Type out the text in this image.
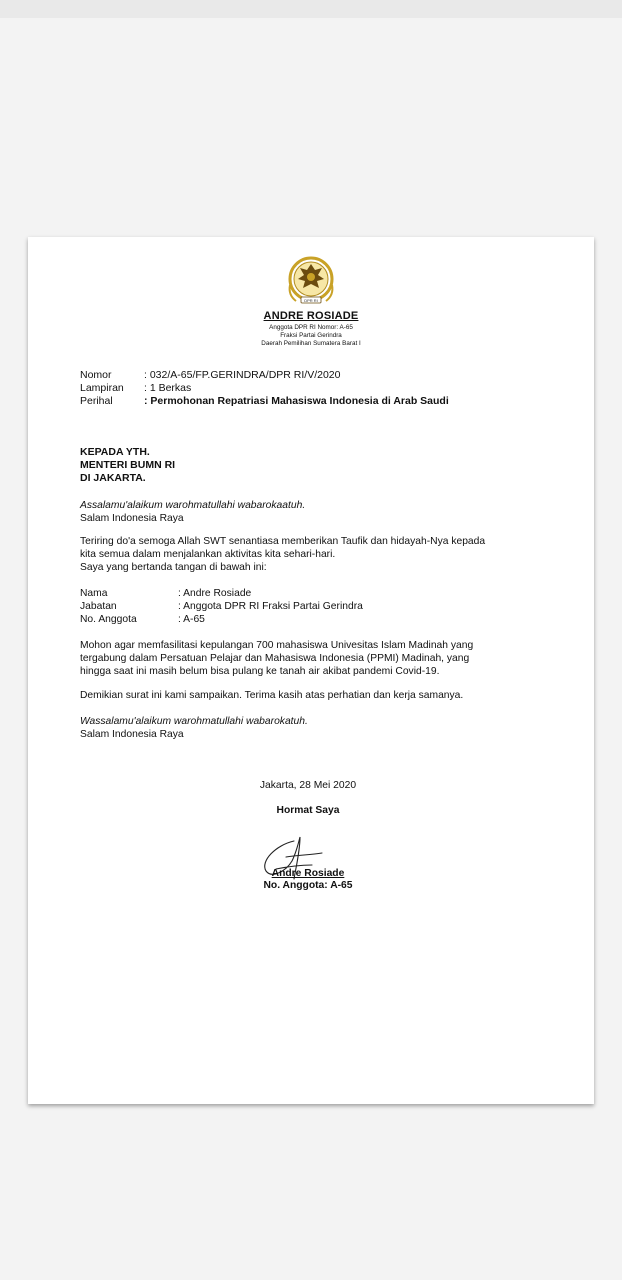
DPR RI
ANDRE ROSIADE
Anggota DPR RI Nomor: A-65
Fraksi Partai Gerindra
Daerah Pemilihan Sumatera Barat I
Nomor	: 032/A-65/FP.GERINDRA/DPR RI/V/2020
Lampiran : 1 Berkas
Perihal	: Permohonan Repatriasi Mahasiswa Indonesia di Arab Saudi
KEPADA YTH.
MENTERI BUMN RI
DI JAKARTA.
Assalamu'alaikum warohmatullahi wabarokaatuh.
Salam Indonesia Raya
Teriring do'a semoga Allah SWT senantiasa memberikan Taufik dan hidayah-Nya kepada
kita semua dalam menjalankan aktivitas kita sehari-hari.
Saya yang bertanda tangan di bawah ini:
Nama	: Andre Rosiade
Jabatan	: Anggota DPR RI Fraksi Partai Gerindra
No. Anggota	: A-65
Mohon agar memfasilitasi kepulangan 700 mahasiswa Univesitas Islam Madinah yang
tergabung dalam Persatuan Pelajar dan Mahasiswa Indonesia (PPMI) Madinah, yang
hingga saat ini masih belum bisa pulang ke tanah air akibat pandemi Covid-19.
Demikian surat ini kami sampaikan. Terima kasih atas perhatian dan kerja samanya.
Wassalamu'alaikum warohmatullahi wabarokatuh.
Salam Indonesia Raya
Jakarta, 28 Mei 2020
Hormat Saya
Andre Rosiade
No. Anggota: A-65
